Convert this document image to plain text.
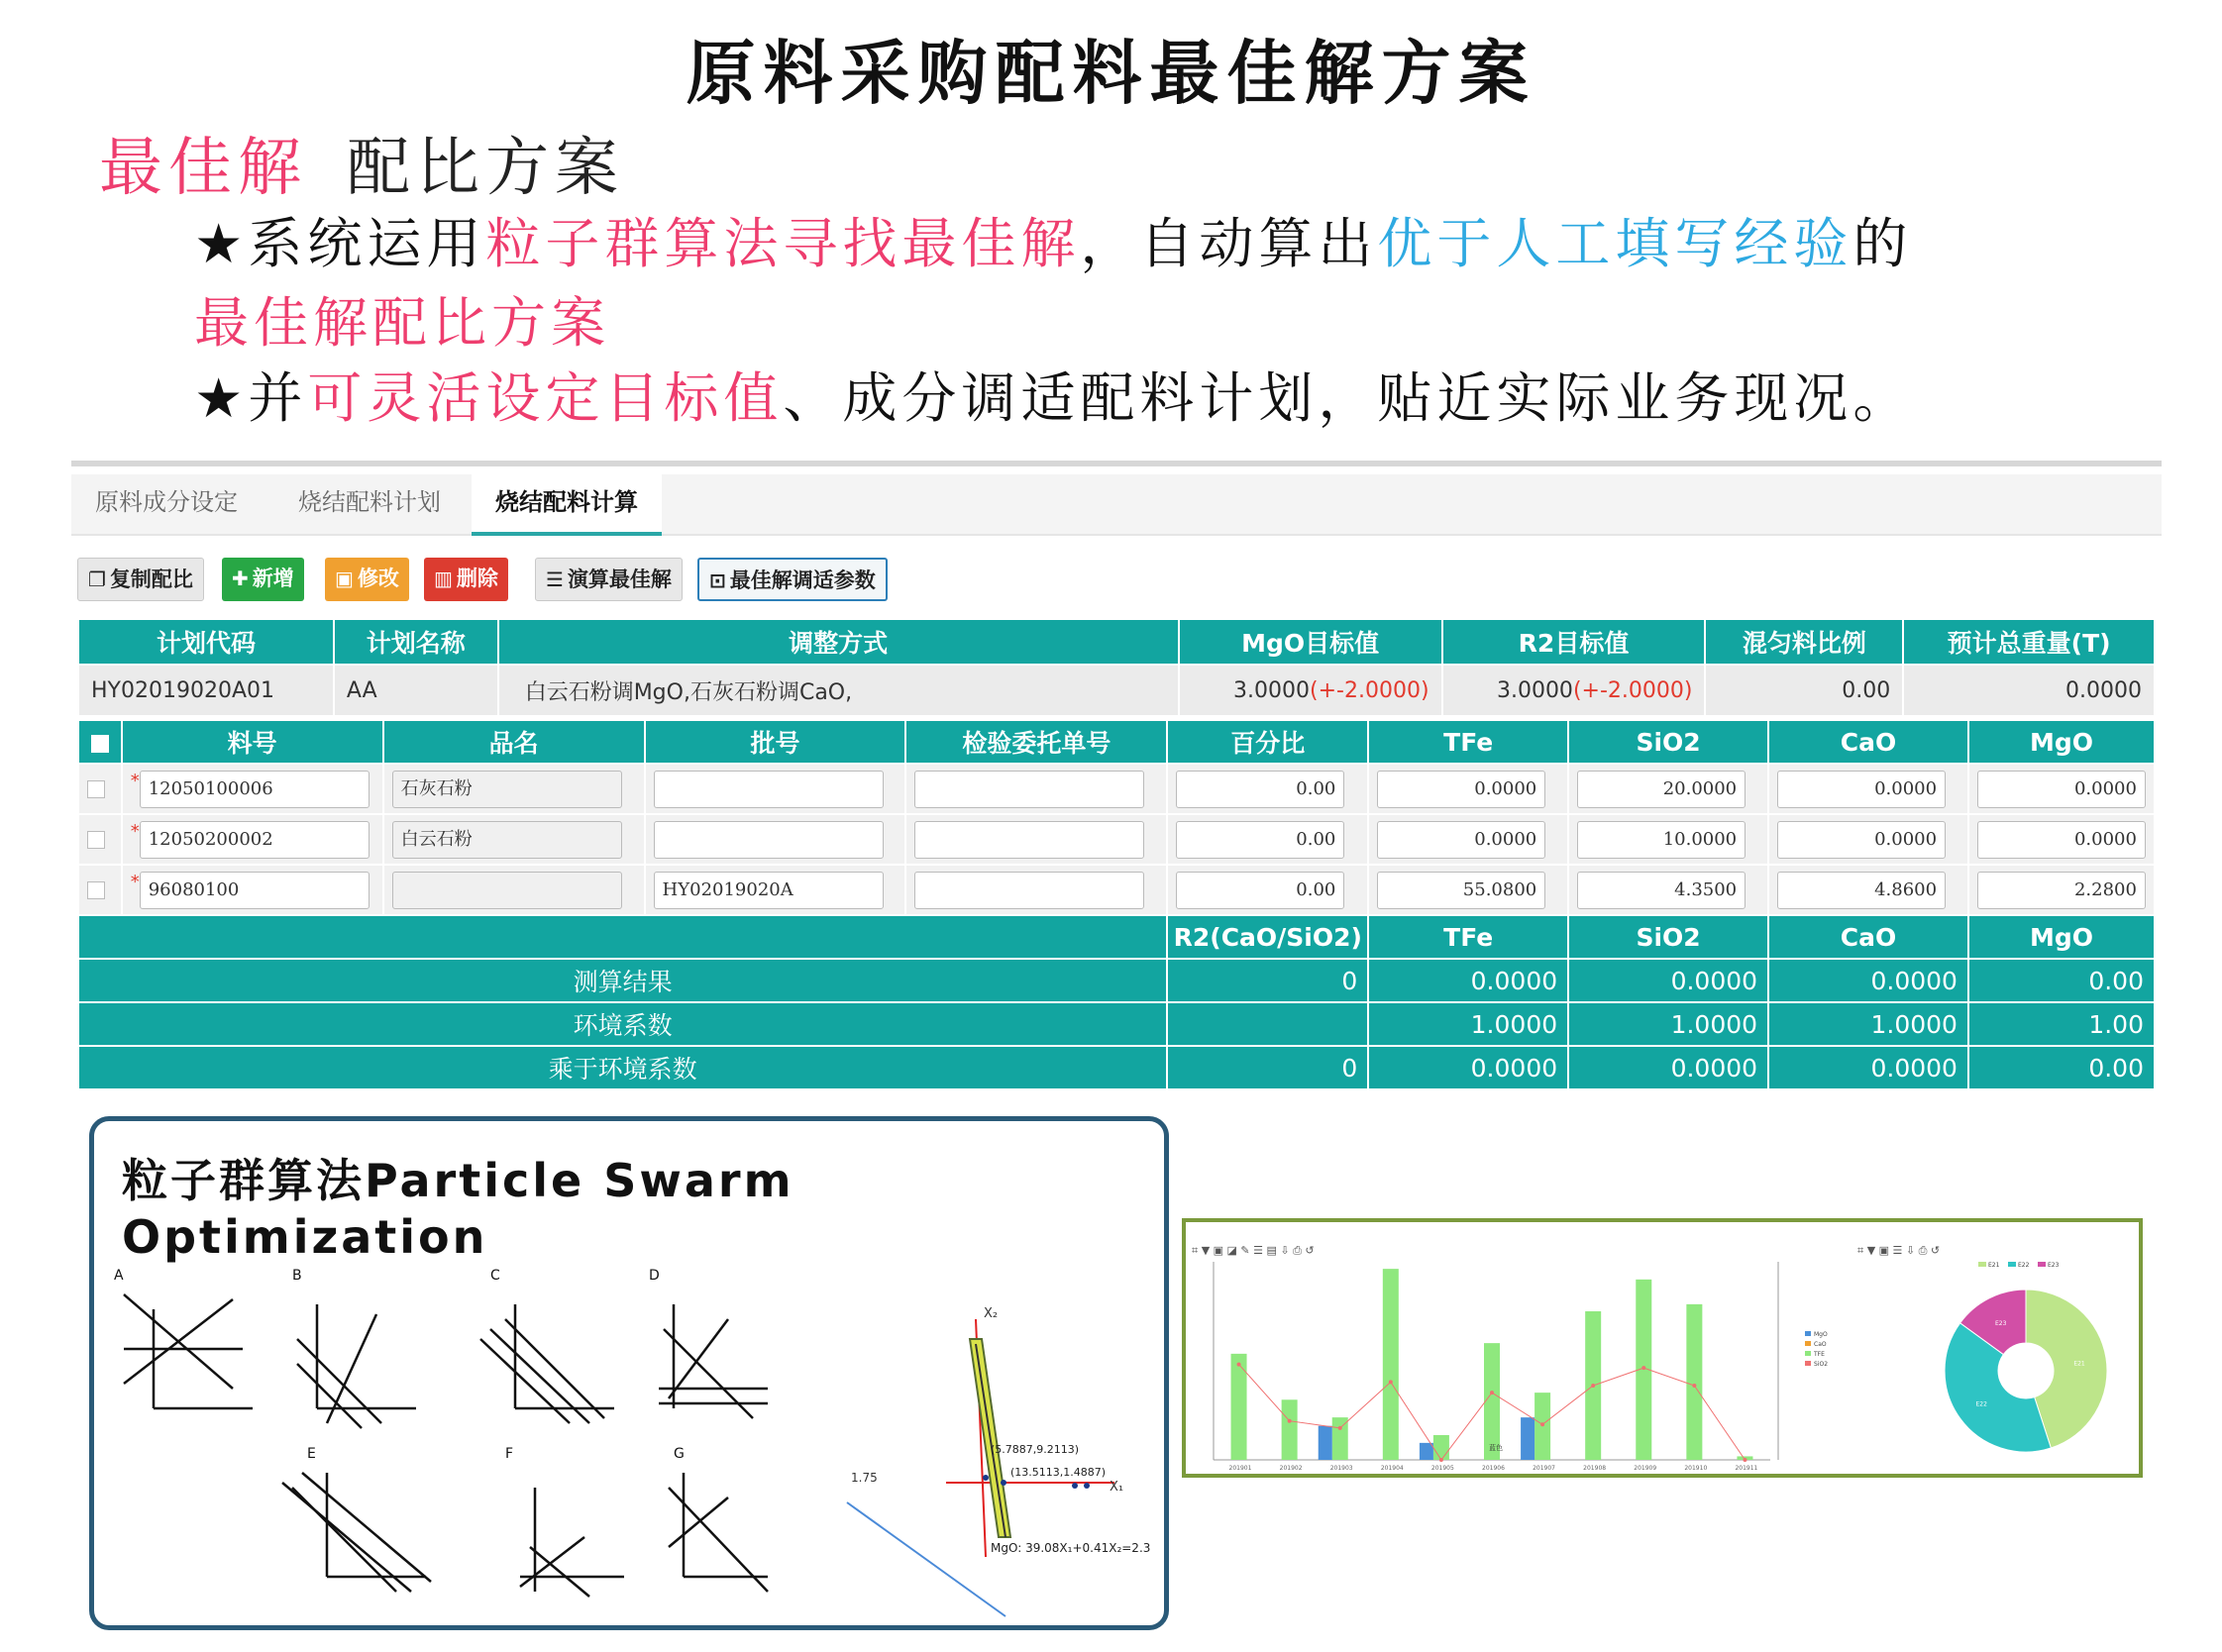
原料采购配料最佳解方案
最佳解 配比方案
★系统运用粒子群算法寻找最佳解，自动算出优于人工填写经验的
最佳解配比方案
★并可灵活设定目标值、成分调适配料计划，贴近实际业务现况。
原料成分设定	烧结配料计划	烧结配料计算
❐ 复制配比	✚ 新增	▣ 修改	▥ 删除	☰ 演算最佳解	⊡ 最佳解调适参数
计划代码	计划名称	调整方式	MgO目标值	R2目标值	混匀料比例	预计总重量(T)
HY02019020A01	AA	白云石粉调MgO,石灰石粉调CaO,	3.0000(+-2.0000)	3.0000(+-2.0000)	0.00	0.0000
	料号	品名	批号	检验委托单号	百分比	TFe	SiO2	CaO	MgO
	* 12050100006	石灰石粉			0.00	0.0000	20.0000	0.0000	0.0000
	* 12050200002	白云石粉			0.00	0.0000	10.0000	0.0000	0.0000
	* 96080100		HY02019020A		0.00	55.0800	4.3500	4.8600	2.2800
					R2(CaO/SiO2)	TFe	SiO2	CaO	MgO
测算结果					0	0.0000	0.0000	0.0000	0.00
环境系数						1.0000	1.0000	1.0000	1.00
乘于环境系数					0	0.0000	0.0000	0.0000	0.00
粒子群算法Particle Swarm Optimization
A	B	C	D
E	F	G
X₂
X₁
1.75
(5.7887,9.2113)
(13.5113,1.4887)
MgO: 39.08X₁+0.41X₂=2.3
⌗ ▼ ▣ ◪ ✎ ☰ ▤ ⇩ ⎙ ↺
201901	201902	201903	201904	201905	201906	201907	201908	201909	201910	201911
蓝色
MgO
CaO
TFE
SiO2	E21
E22
E23
E21	E22	E23
⌗ ▼ ▣ ☰ ⇩ ⎙ ↺
